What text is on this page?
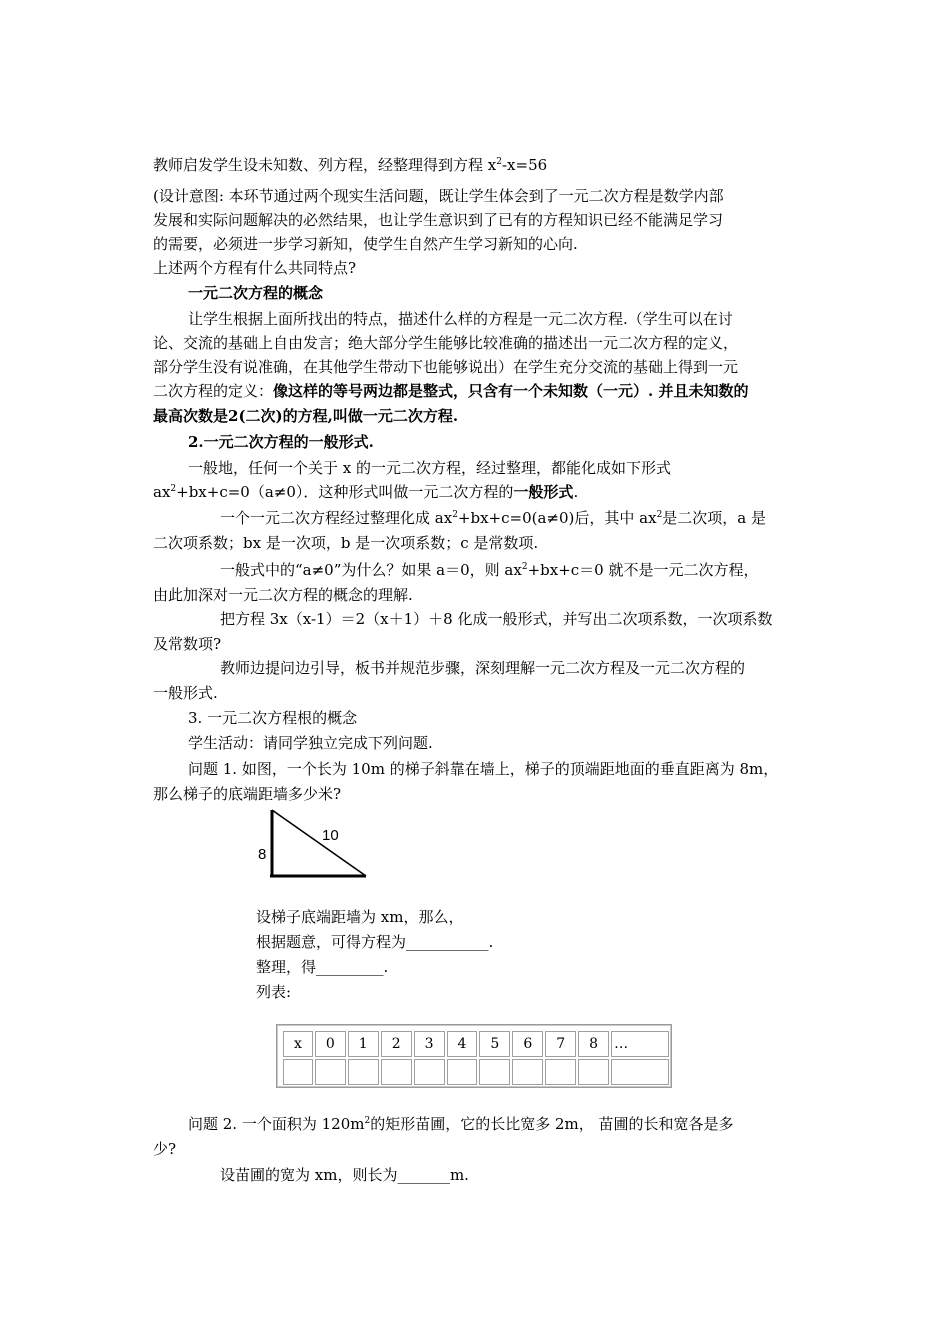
教师启发学生设未知数、列方程，经整理得到方程 $x^2-x=56$
(设计意图: 本环节通过两个现实生活问题，既让学生体会到了一元二次方程是数学内部
发展和实际问题解决的必然结果，也让学生意识到了已有的方程知识已经不能满足学习
的需要，必须进一步学习新知，使学生自然产生学习新知的心向.
上述两个方程有什么共同特点?
一元二次方程的概念
让学生根据上面所找出的特点，描述什么样的方程是一元二次方程.（学生可以在讨
论、交流的基础上自由发言；绝大部分学生能够比较准确的描述出一元二次方程的定义，
部分学生没有说准确，在其他学生带动下也能够说出）在学生充分交流的基础上得到一元
二次方程的定义：像这样的等号两边都是整式，只含有一个未知数（一元）. 并且未知数的
最高次数是2(二次)的方程,叫做一元二次方程.
2.一元二次方程的一般形式.
一般地，任何一个关于 x 的一元二次方程，经过整理，都能化成如下形式
$ax^2+bx+c=0(a\ne 0)$．这种形式叫做一元二次方程的一般形式.
一个一元二次方程经过整理化成 $ax^2+bx+c=0(a\ne 0)$后，其中 $ax^2$是二次项，a 是
二次项系数；bx 是一次项，b 是一次项系数；c 是常数项.
一般式中的“a≠0”为什么？如果 a＝0，则 $ax^2+bx+c=0$ 就不是一元二次方程，
由此加深对一元二次方程的概念的理解.
把方程 3x（x-1）＝2（x＋1）＋8 化成一般形式，并写出二次项系数，一次项系数
及常数项?
教师边提问边引导，板书并规范步骤，深刻理解一元二次方程及一元二次方程的
一般形式.
3. 一元二次方程根的概念
学生活动：请同学独立完成下列问题.
问题 1. 如图，一个长为 10m 的梯子斜靠在墙上，梯子的顶端距地面的垂直距离为 8m，
那么梯子的底端距墙多少米?
10
8
设梯子底端距墙为 xm，那么，
根据题意，可得方程为___________.
整理，得_________.
列表:
x	0	1	2	3	4	5	6	7	8	…

问题 2. 一个面积为 $120m^2$的矩形苗圃，它的长比宽多 2m， 苗圃的长和宽各是多
少?
设苗圃的宽为 xm，则长为_______m.
